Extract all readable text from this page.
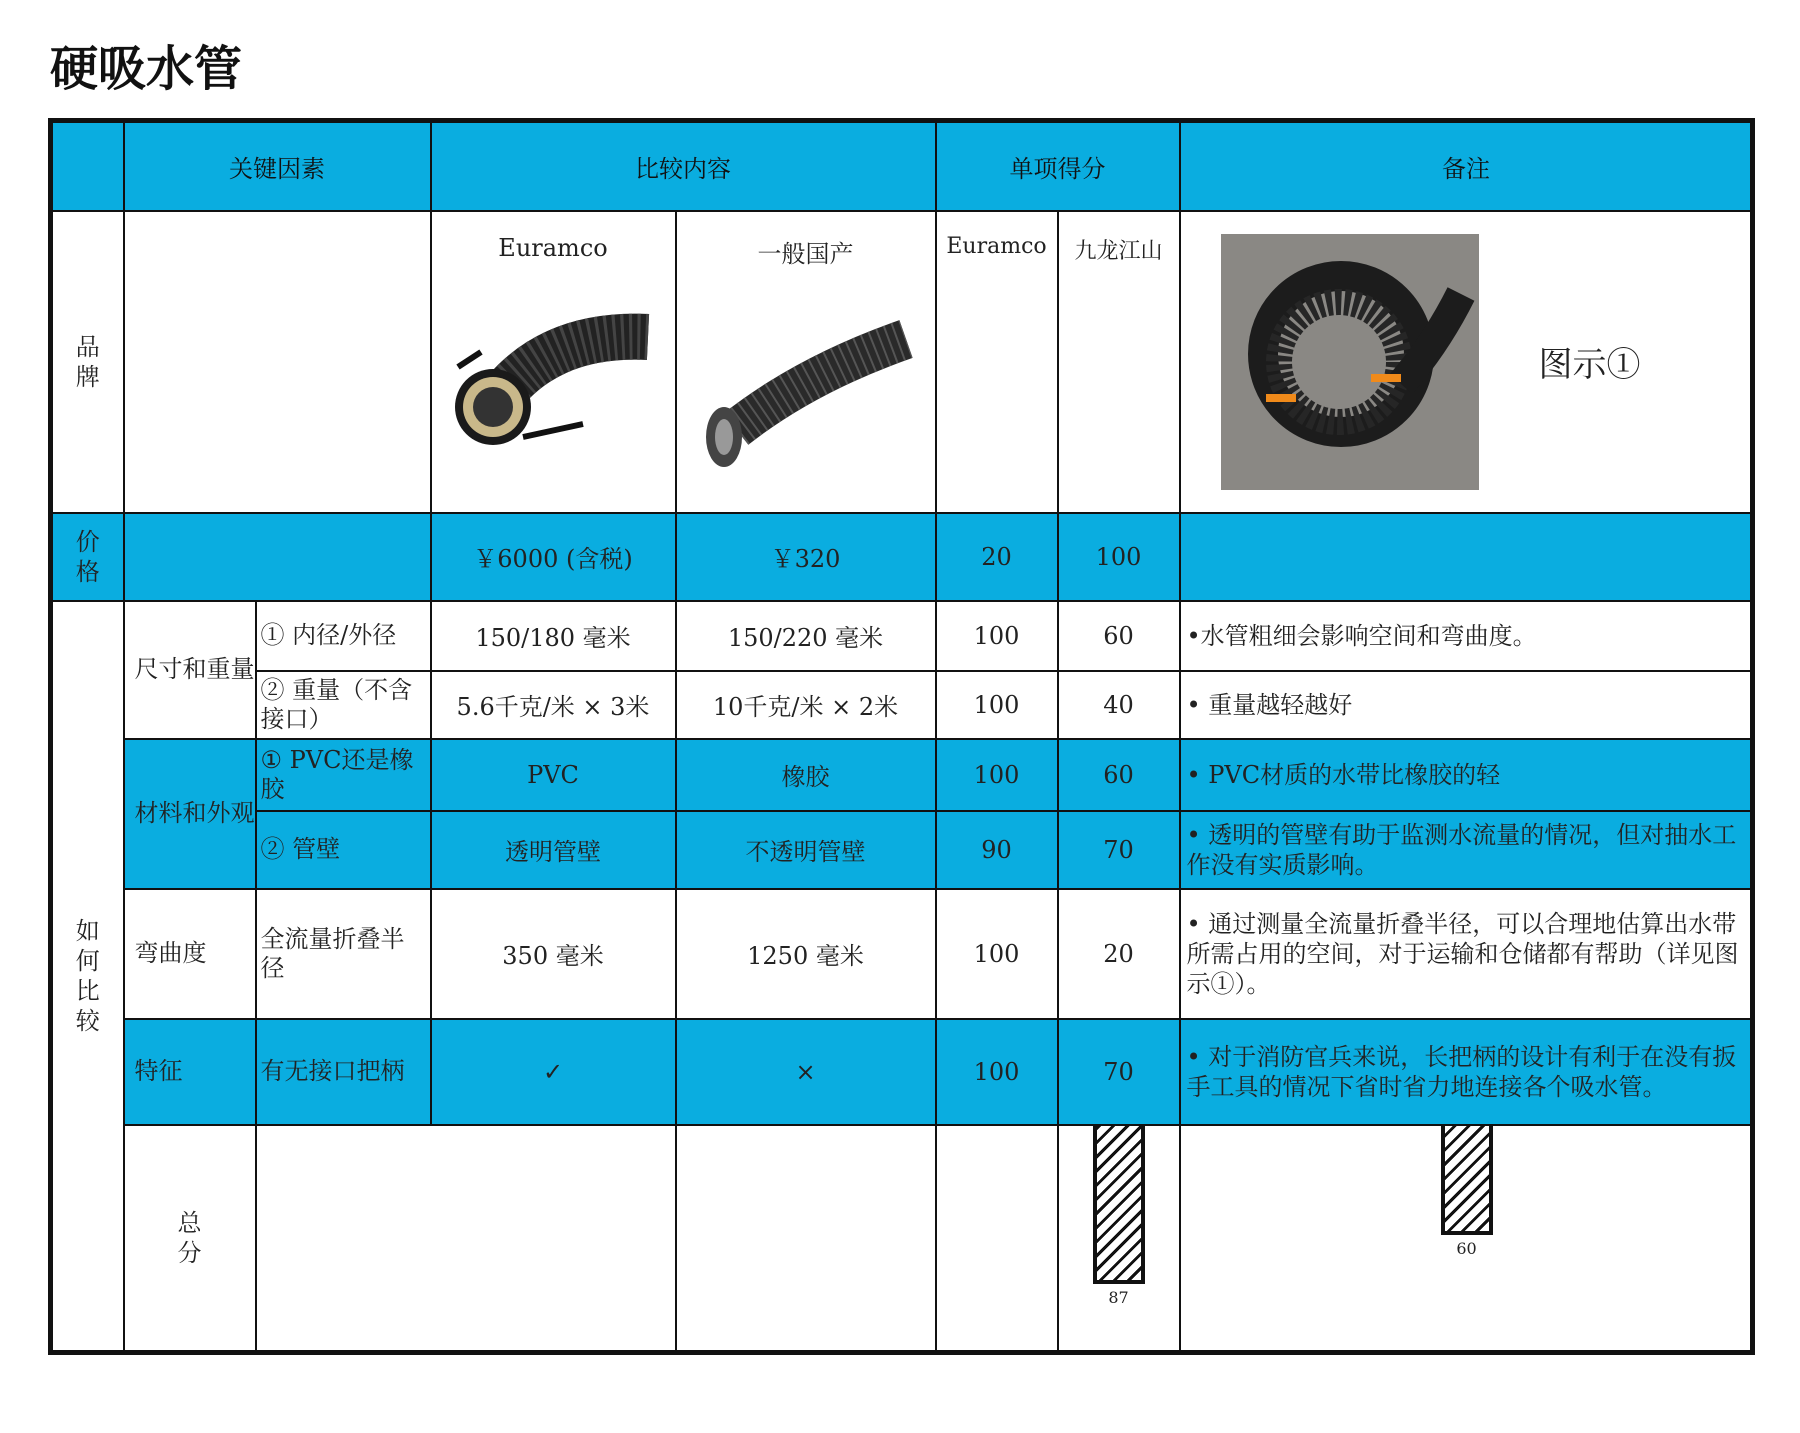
硬吸水管
	关键因素		比较内容		单项得分		备注	
品牌			Euramco	一般国产	Euramco	九龙江山	图示①	

价格			￥6000 (含税)	￥320	20	100		
如何比较	尺寸和重量	① 内径/外径	150/180 毫米	150/220 毫米	100	60	•水管粗细会影响空间和弯曲度。	
		② 重量（不含接口）	5.6千克/米 × 3米	10千克/米 × 2米	100	40	• 重量越轻越好	
	材料和外观	① PVC还是橡胶	PVC	橡胶	100	60	• PVC材质的水带比橡胶的轻	
		② 管壁	透明管壁	不透明管壁	90	70	• 透明的管壁有助于监测水流量的情况，但对抽水工作没有实质影响。	
	弯曲度	全流量折叠半径	350 毫米	1250 毫米	100	20	• 通过测量全流量折叠半径，可以合理地估算出水带所需占用的空间，对于运输和仓储都有帮助（详见图示①）。	
	特征	有无接口把柄	✓	×	100	70	• 对于消防官兵来说，长把柄的设计有利于在没有扳手工具的情况下省时省力地连接各个吸水管。	
	总分					87	60	
